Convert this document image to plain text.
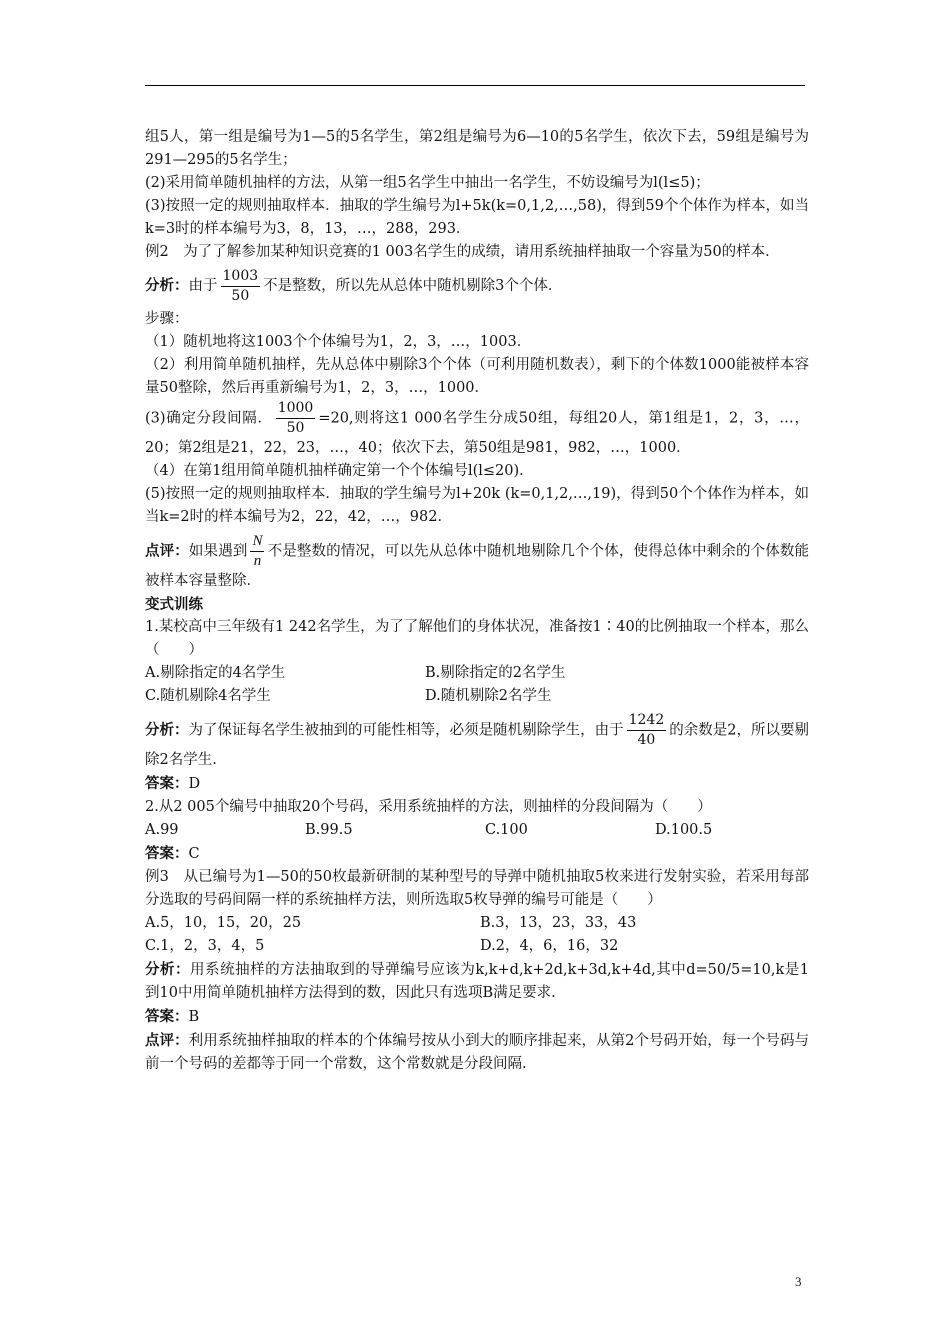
组5人，第一组是编号为1—5的5名学生，第2组是编号为6—10的5名学生，依次下去，59组是编号为291—295的5名学生；

(2)采用简单随机抽样的方法，从第一组5名学生中抽出一名学生，不妨设编号为l(l≤5)；

(3)按照一定的规则抽取样本．抽取的学生编号为l+5k(k=0,1,2,…,58)，得到59个个体作为样本，如当k=3时的样本编号为3，8，13，…，288，293．

例2　为了了解参加某种知识竞赛的1 003名学生的成绩，请用系统抽样抽取一个容量为50的样本．

分析：由于 $\frac{1003}{50}$ 不是整数，所以先从总体中随机剔除3个个体．

步骤：

（1）随机地将这1003个个体编号为1，2，3，…，1003．

（2）利用简单随机抽样，先从总体中剔除3个个体（可利用随机数表），剩下的个体数1000能被样本容量50整除，然后再重新编号为1，2，3，…，1000．

(3)确定分段间隔． $\frac{1000}{50} =20$,则将这1 000名学生分成50组，每组20人，第1组是1，2，3，…，20；第2组是21，22，23，…，40；依次下去，第50组是981，982，…，1000．

（4）在第1组用简单随机抽样确定第一个个体编号l(l≤20)．

(5)按照一定的规则抽取样本．抽取的学生编号为l+20k (k=0,1,2,…,19)，得到50个个体作为样本，如当k=2时的样本编号为2，22，42，…，982．

点评：如果遇到 $\frac{N}{n}$ 不是整数的情况，可以先从总体中随机地剔除几个个体，使得总体中剩余的个体数能被样本容量整除．

变式训练

1.某校高中三年级有1 242名学生，为了了解他们的身体状况，准备按1∶40的比例抽取一个样本，那么（　　）

A.剔除指定的4名学生	B.剔除指定的2名学生
C.随机剔除4名学生	D.随机剔除2名学生

分析：为了保证每名学生被抽到的可能性相等，必须是随机剔除学生，由于 $\frac{1242}{40}$ 的余数是2，所以要剔除2名学生.

答案：D

2.从2 005个编号中抽取20个号码，采用系统抽样的方法，则抽样的分段间隔为（　　）

A.99	B.99.5	C.100	D.100.5

答案：C

例3　从已编号为1—50的50枚最新研制的某种型号的导弹中随机抽取5枚来进行发射实验，若采用每部分选取的号码间隔一样的系统抽样方法，则所选取5枚导弹的编号可能是（　　）

A.5，10，15，20，25	B.3，13，23，33，43
C.1，2，3，4，5	D.2，4，6，16，32

分析：用系统抽样的方法抽取到的导弹编号应该为k,k+d,k+2d,k+3d,k+4d,其中d=50/5=10,k是1到10中用简单随机抽样方法得到的数，因此只有选项B满足要求.

答案：B

点评：利用系统抽样抽取的样本的个体编号按从小到大的顺序排起来，从第2个号码开始，每一个号码与前一个号码的差都等于同一个常数，这个常数就是分段间隔.

3
